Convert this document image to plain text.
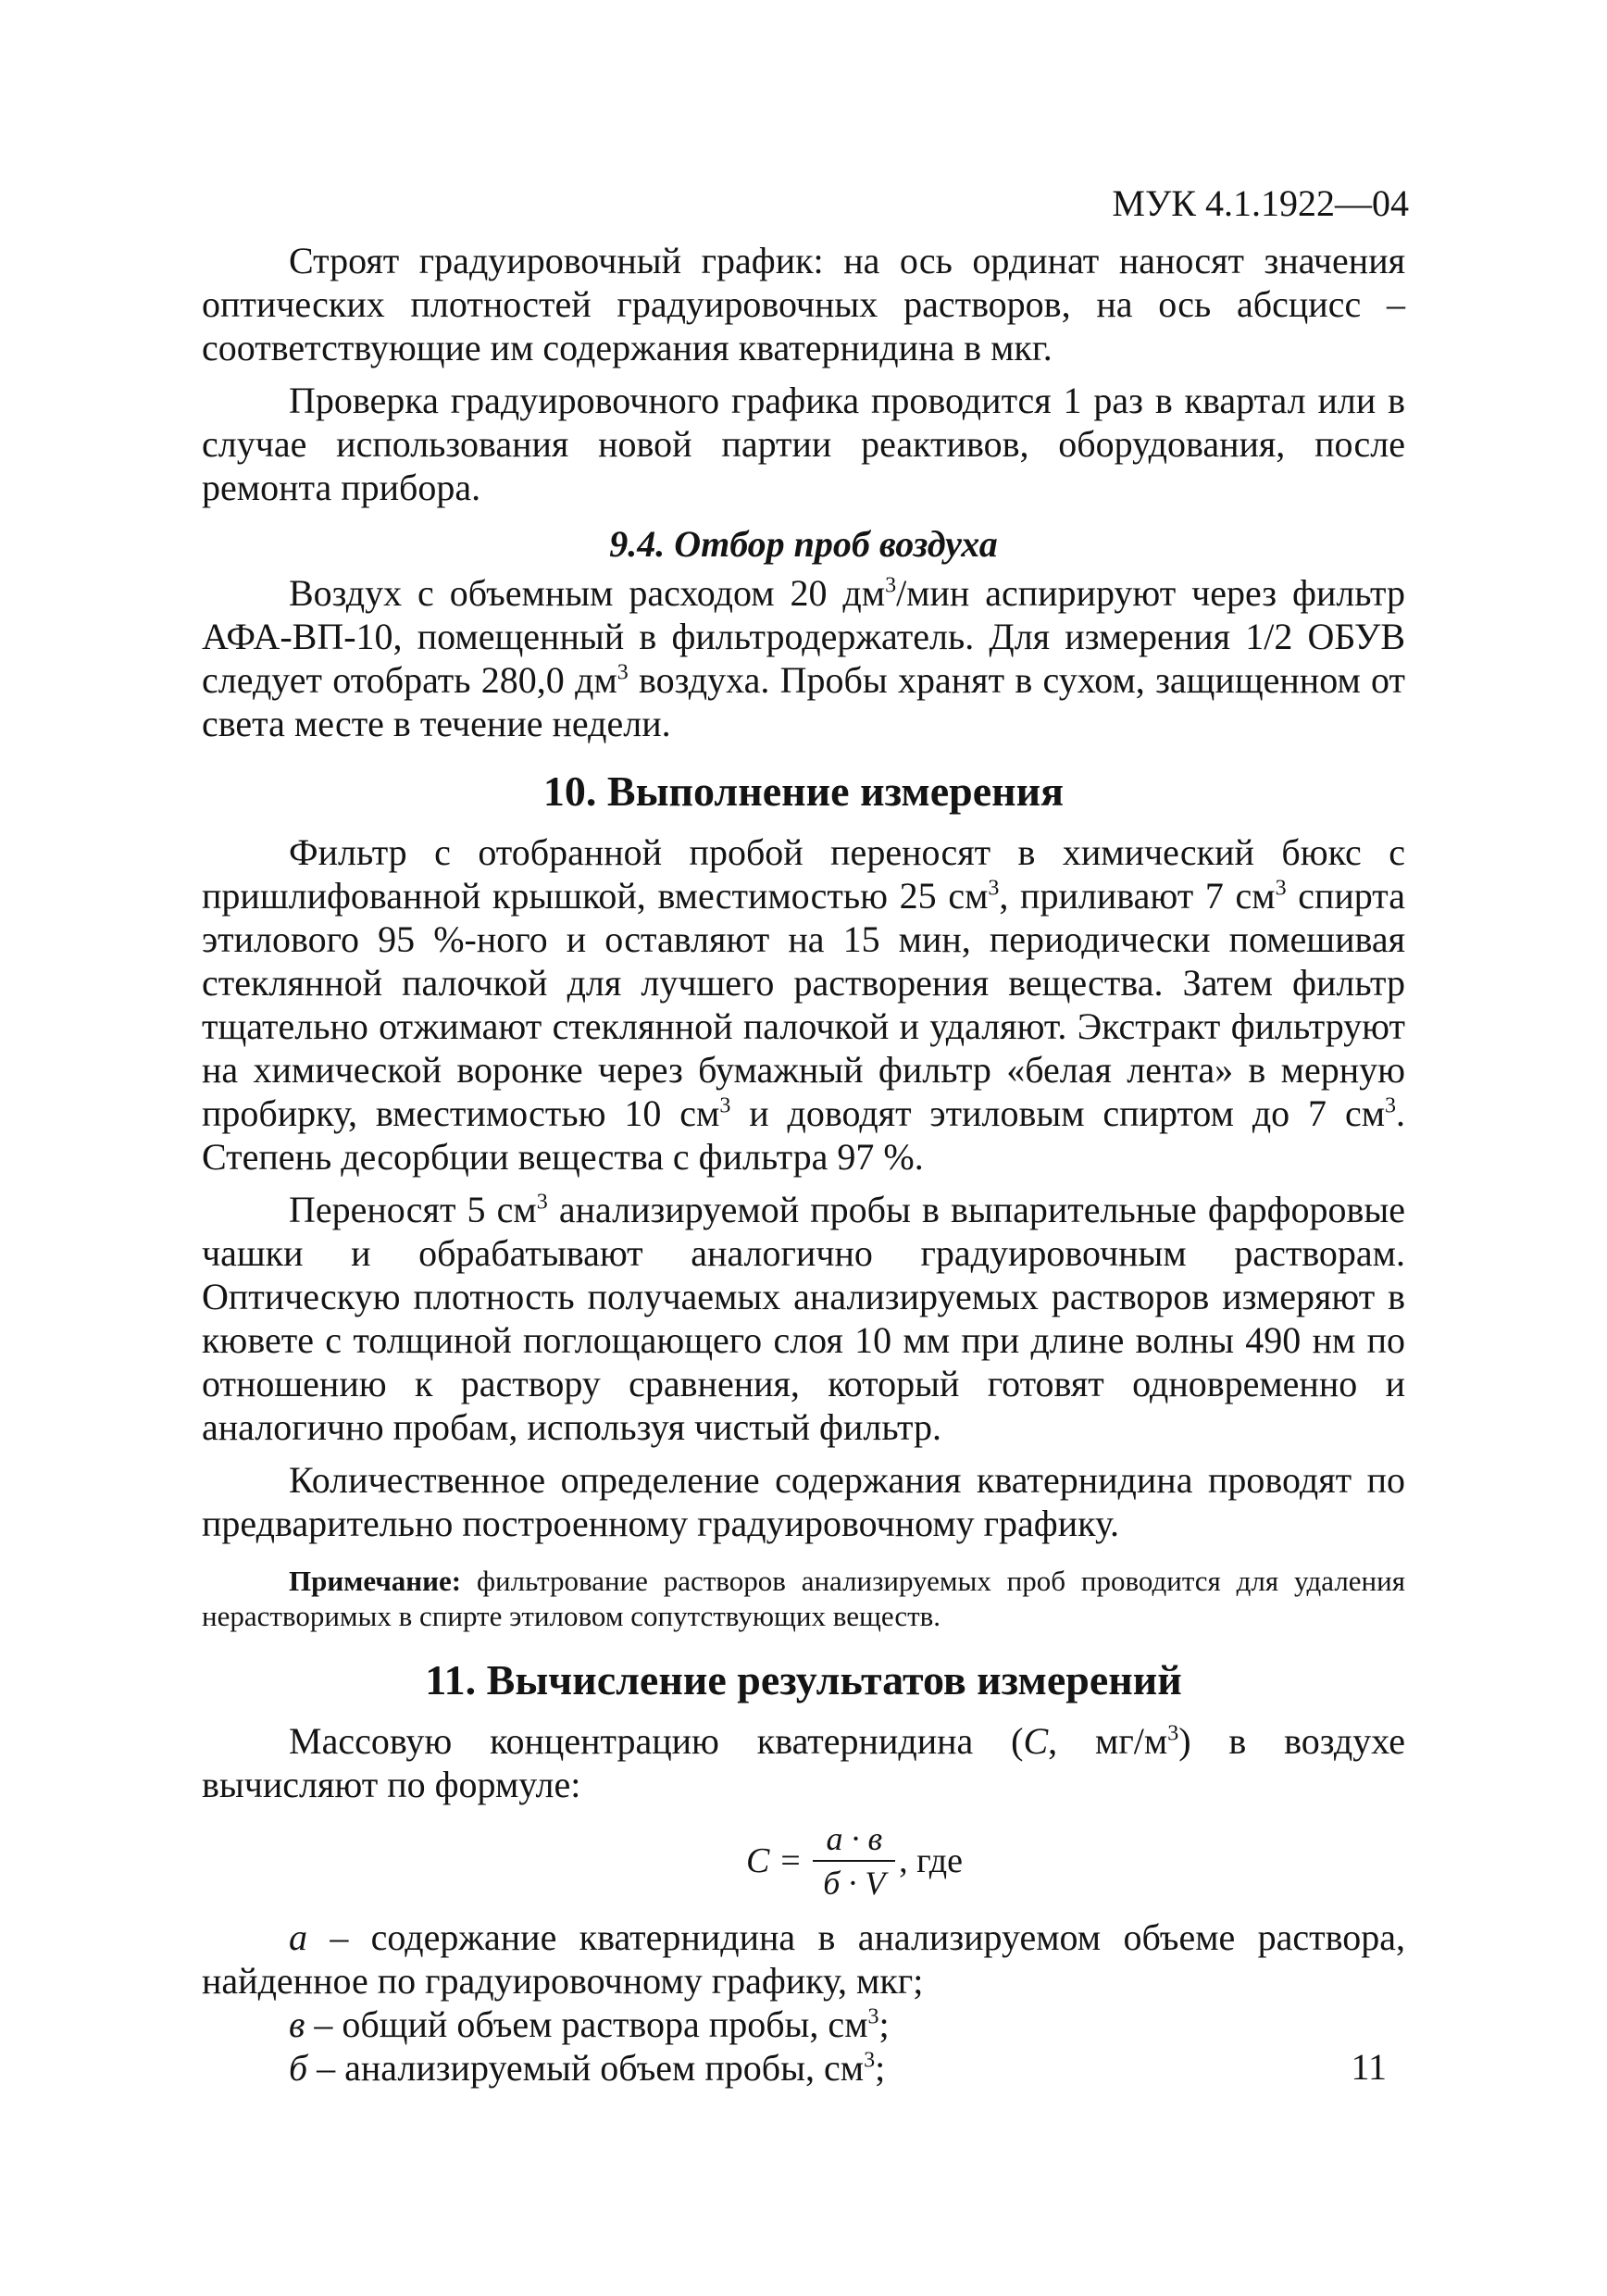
МУК 4.1.1922—04

Строят градуировочный график: на ось ординат наносят значения оптических плотностей градуировочных растворов, на ось абсцисс – соответствующие им содержания кватернидина в мкг.

Проверка градуировочного графика проводится 1 раз в квартал или в случае использования новой партии реактивов, оборудования, после ремонта прибора.

9.4. Отбор проб воздуха

Воздух с объемным расходом 20 $дм^3$/мин аспирируют через фильтр АФА-ВП-10, помещенный в фильтродержатель. Для измерения 1/2 ОБУВ следует отобрать 280,0 $дм^3$ воздуха. Пробы хранят в сухом, защищенном от света месте в течение недели.

10. Выполнение измерения

Фильтр с отобранной пробой переносят в химический бюкс с пришлифованной крышкой, вместимостью 25 $см^3$, приливают 7 $см^3$ спирта этилового 95 %-ного и оставляют на 15 мин, периодически помешивая стеклянной палочкой для лучшего растворения вещества. Затем фильтр тщательно отжимают стеклянной палочкой и удаляют. Экстракт фильтруют на химической воронке через бумажный фильтр «белая лента» в мерную пробирку, вместимостью 10 $см^3$ и доводят этиловым спиртом до 7 $см^3$. Степень десорбции вещества с фильтра 97 %.

Переносят 5 $см^3$ анализируемой пробы в выпарительные фарфоровые чашки и обрабатывают аналогично градуировочным растворам. Оптическую плотность получаемых анализируемых растворов измеряют в кювете с толщиной поглощающего слоя 10 мм при длине волны 490 нм по отношению к раствору сравнения, который готовят одновременно и аналогично пробам, используя чистый фильтр.

Количественное определение содержания кватернидина проводят по предварительно построенному градуировочному графику.

Примечание: фильтрование растворов анализируемых проб проводится для удаления нерастворимых в спирте этиловом сопутствующих веществ.
11. Вычисление результатов измерений

Массовую концентрацию кватернидина (С, $мг/м^3$) в воздухе вычисляют по формуле:

$С = \frac{а \cdot в}{б \cdot V}$ , где

а – содержание кватернидина в анализируемом объеме раствора, найденное по градуировочному графику, мкг;

в – общий объем раствора пробы, $см^3$;

б – анализируемый объем пробы, $см^3$;	11
